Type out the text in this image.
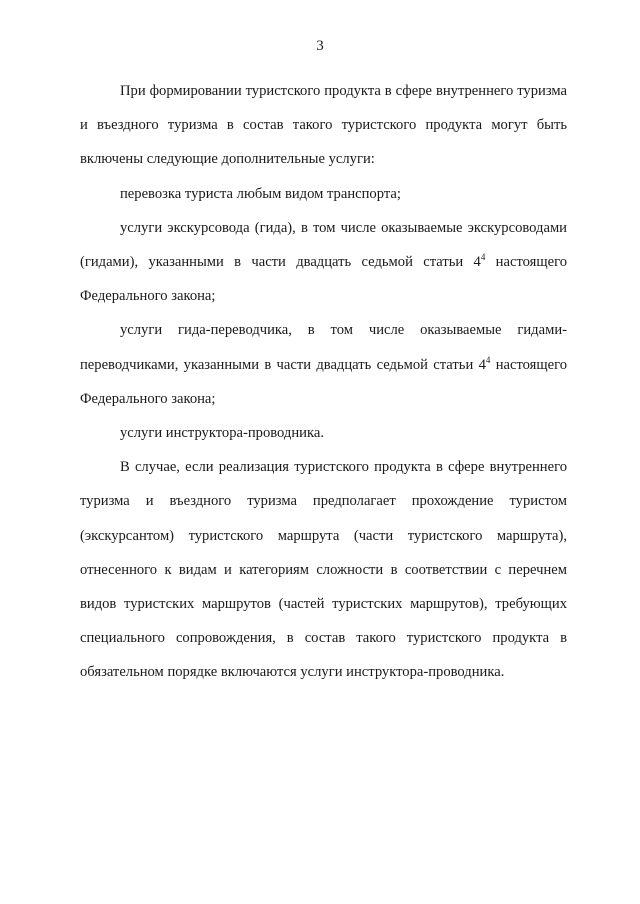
3

При формировании туристского продукта в сфере внутреннего туризма и въездного туризма в состав такого туристского продукта могут быть включены следующие дополнительные услуги:

перевозка туриста любым видом транспорта;

услуги экскурсовода (гида), в том числе оказываемые экскурсоводами (гидами), указанными в части двадцать седьмой статьи $4^4$ настоящего Федерального закона;

услуги гида-переводчика, в том числе оказываемые гидами-переводчиками, указанными в части двадцать седьмой статьи $4^4$ настоящего Федерального закона;

услуги инструктора-проводника.

В случае, если реализация туристского продукта в сфере внутреннего туризма и въездного туризма предполагает прохождение туристом (экскурсантом) туристского маршрута (части туристского маршрута), отнесенного к видам и категориям сложности в соответствии с перечнем видов туристских маршрутов (частей туристских маршрутов), требующих специального сопровождения, в состав такого туристского продукта в обязательном порядке включаются услуги инструктора-проводника.
